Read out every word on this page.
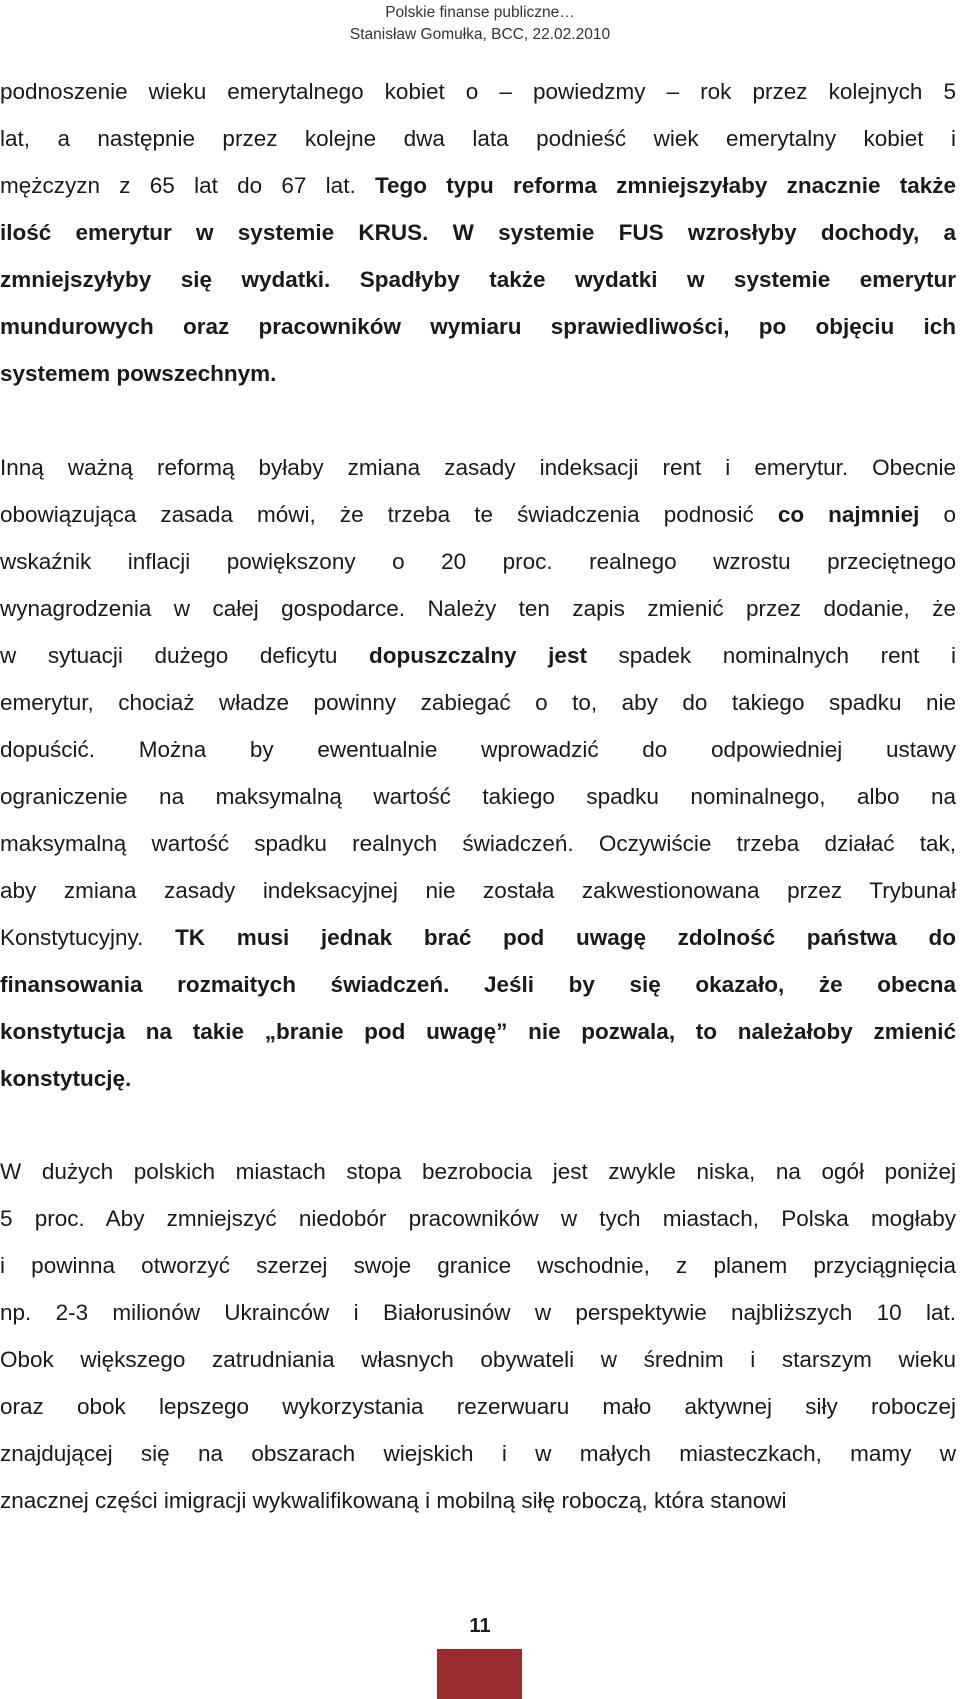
Polskie finanse publiczne…
Stanisław Gomułka, BCC, 22.02.2010

podnoszenie wieku emerytalnego kobiet o – powiedzmy – rok przez kolejnych 5
lat, a następnie przez kolejne dwa lata podnieść wiek emerytalny kobiet i
mężczyzn z 65 lat do 67 lat. Tego typu reforma zmniejszyłaby znacznie także
ilość emerytur w systemie KRUS. W systemie FUS wzrosłyby dochody, a
zmniejszyłyby się wydatki. Spadłyby także wydatki w systemie emerytur
mundurowych oraz pracowników wymiaru sprawiedliwości, po objęciu ich
systemem powszechnym.

Inną ważną reformą byłaby zmiana zasady indeksacji rent i emerytur. Obecnie
obowiązująca zasada mówi, że trzeba te świadczenia podnosić co najmniej o
wskaźnik inflacji powiększony o 20 proc. realnego wzrostu przeciętnego
wynagrodzenia w całej gospodarce. Należy ten zapis zmienić przez dodanie, że
w sytuacji dużego deficytu dopuszczalny jest spadek nominalnych rent i
emerytur, chociaż władze powinny zabiegać o to, aby do takiego spadku nie
dopuścić. Można by ewentualnie wprowadzić do odpowiedniej ustawy
ograniczenie na maksymalną wartość takiego spadku nominalnego, albo na
maksymalną wartość spadku realnych świadczeń. Oczywiście trzeba działać tak,
aby zmiana zasady indeksacyjnej nie została zakwestionowana przez Trybunał
Konstytucyjny. TK musi jednak brać pod uwagę zdolność państwa do
finansowania rozmaitych świadczeń. Jeśli by się okazało, że obecna
konstytucja na takie „branie pod uwagę” nie pozwala, to należałoby zmienić
konstytucję.

W dużych polskich miastach stopa bezrobocia jest zwykle niska, na ogół poniżej
5 proc. Aby zmniejszyć niedobór pracowników w tych miastach, Polska mogłaby
i powinna otworzyć szerzej swoje granice wschodnie, z planem przyciągnięcia
np. 2-3 milionów Ukrainców i Białorusinów w perspektywie najbliższych 10 lat.
Obok większego zatrudniania własnych obywateli w średnim i starszym wieku
oraz obok lepszego wykorzystania rezerwuaru mało aktywnej siły roboczej
znajdującej się na obszarach wiejskich i w małych miasteczkach, mamy w
znacznej części imigracji wykwalifikowaną i mobilną siłę roboczą, która stanowi

11
